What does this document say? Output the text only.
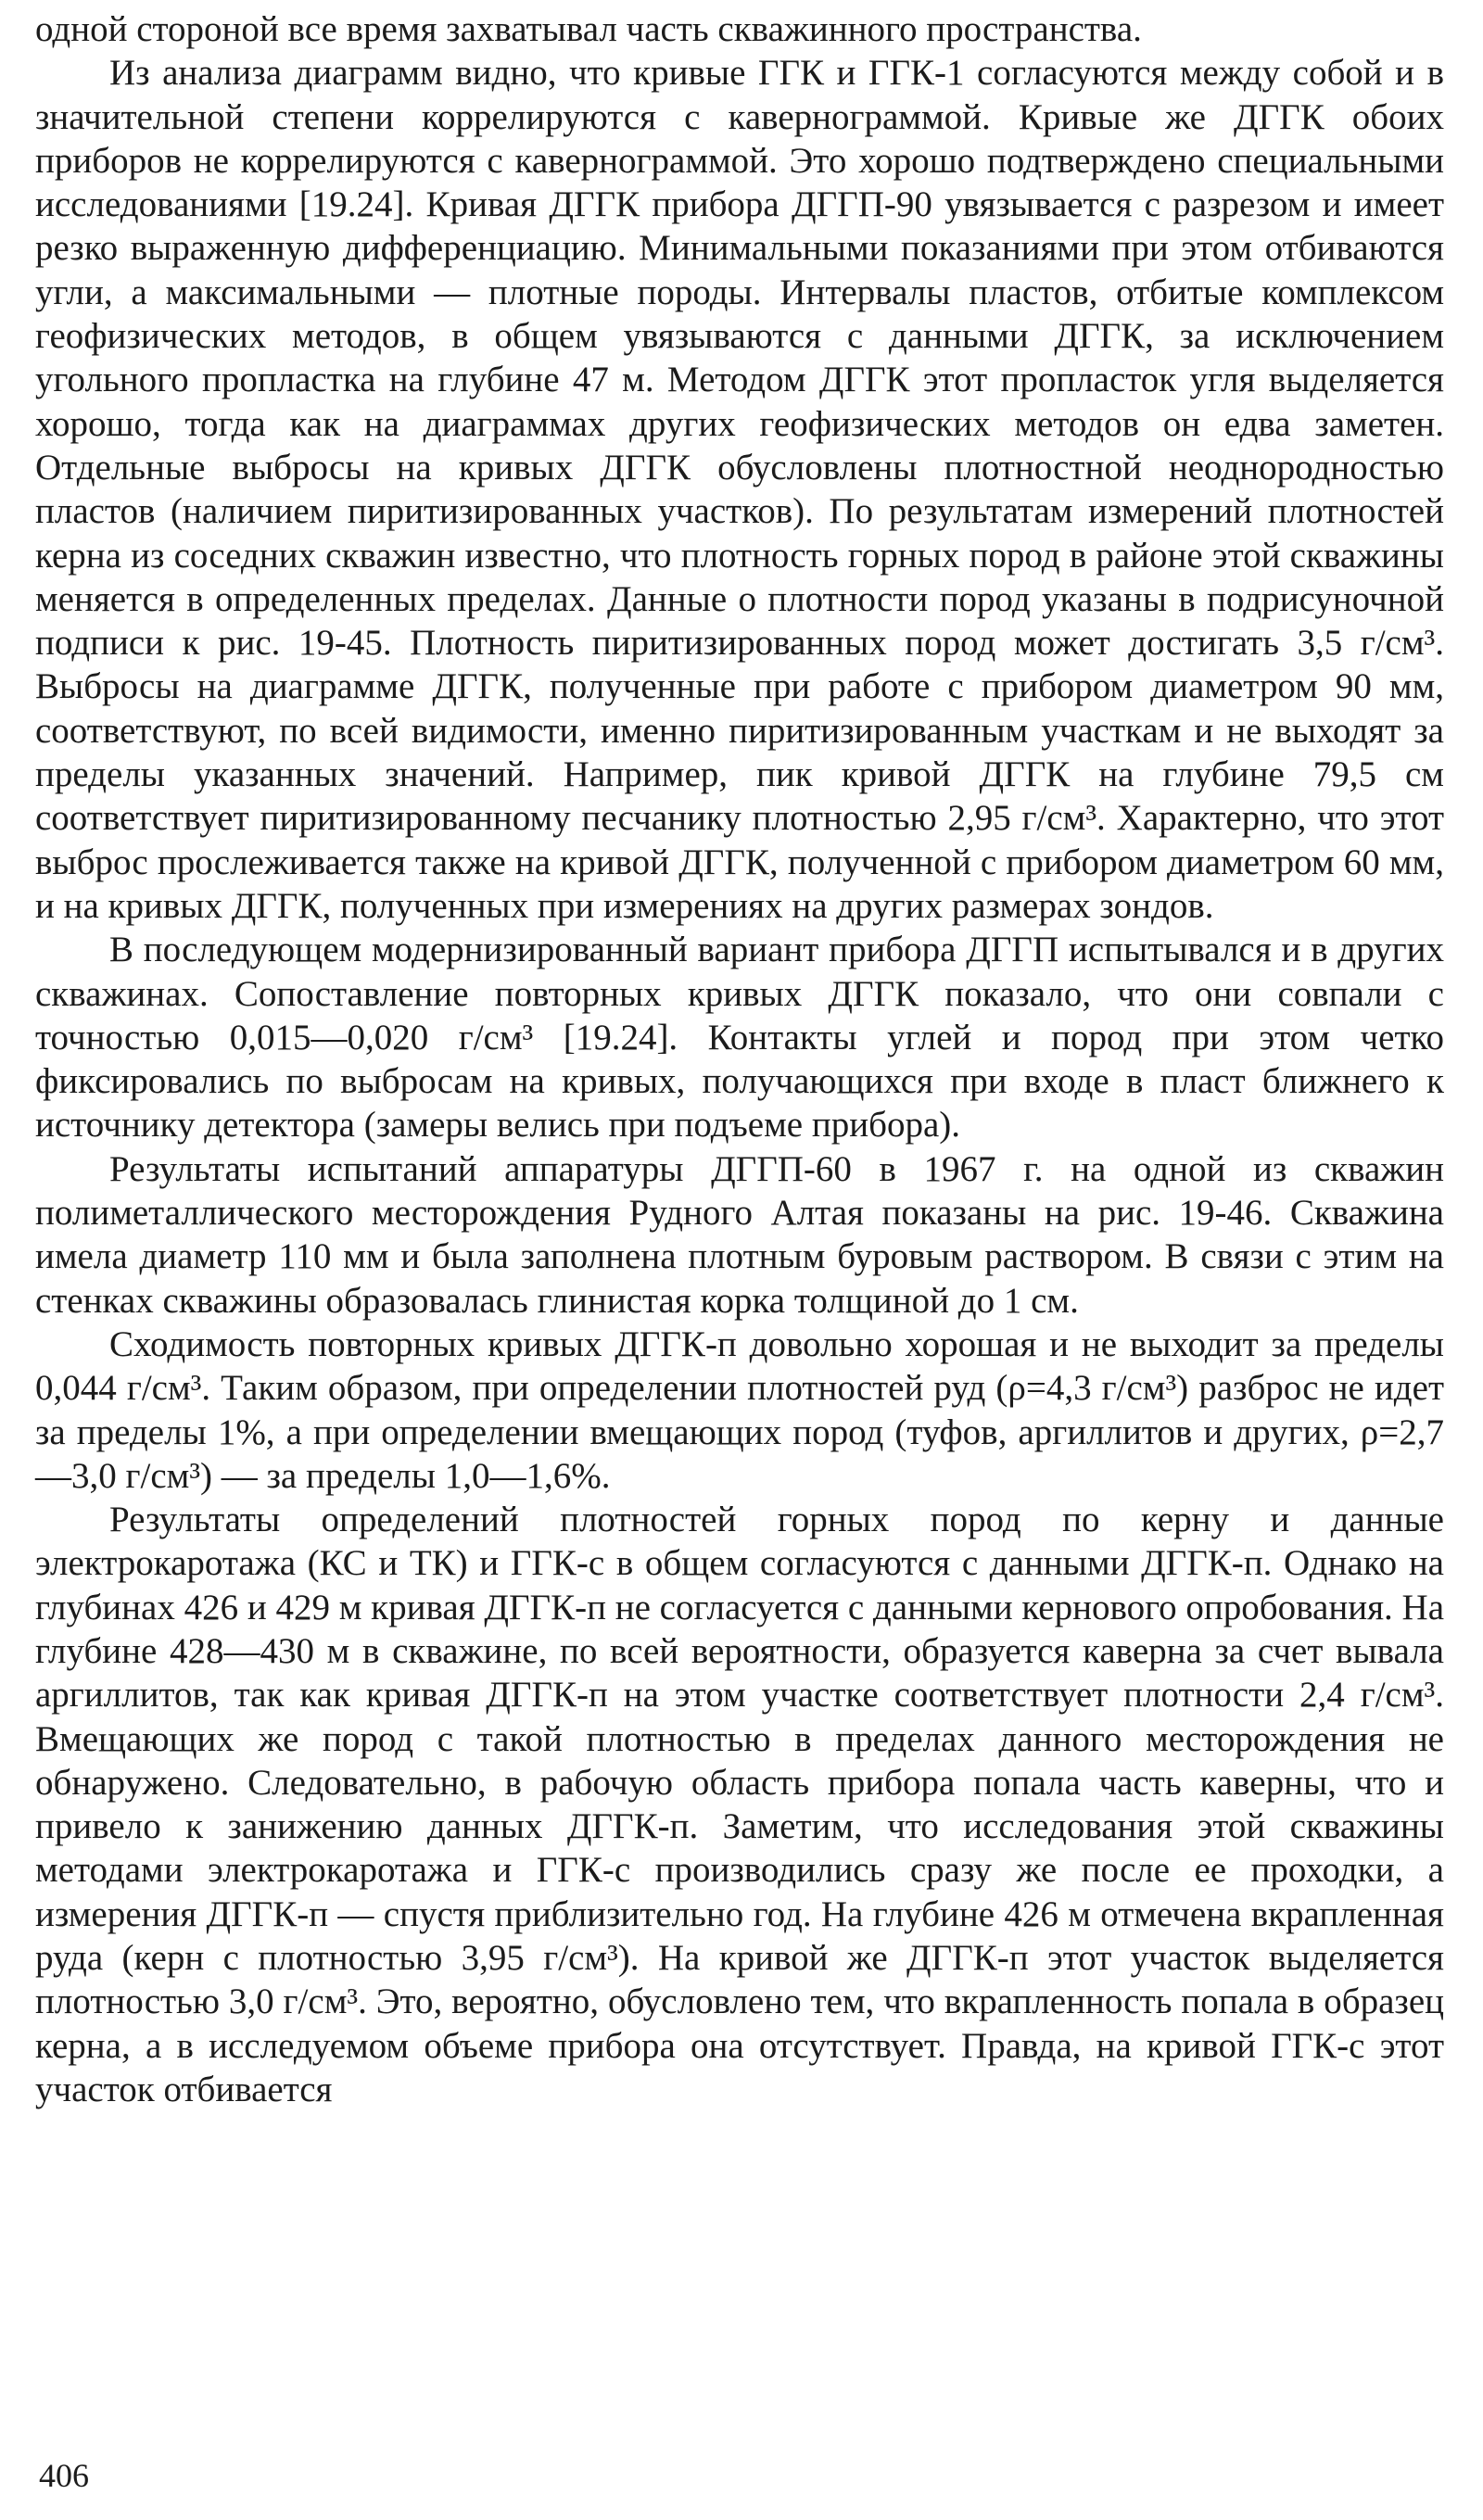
одной стороной все время захватывал часть скважинного пространства.

Из анализа диаграмм видно, что кривые ГГК и ГГК-1 согласуются между собой и в значительной степени коррелируются с кавернограммой. Кривые же ДГГК обоих приборов не коррелируются с кавернограммой. Это хорошо подтверждено специальными исследованиями [19.24]. Кривая ДГГК прибора ДГГП-90 увязывается с разрезом и имеет резко выраженную дифференциацию. Минимальными показаниями при этом отбиваются угли, а максимальными — плотные породы. Интервалы пластов, отбитые комплексом геофизических методов, в общем увязываются с данными ДГГК, за исключением угольного пропластка на глубине 47 м. Методом ДГГК этот пропласток угля выделяется хорошо, тогда как на диаграммах других геофизических методов он едва заметен. Отдельные выбросы на кривых ДГГК обусловлены плотностной неоднородностью пластов (наличием пиритизированных участков). По результатам измерений плотностей керна из соседних скважин известно, что плотность горных пород в районе этой скважины меняется в определенных пределах. Данные о плотности пород указаны в подрисуночной подписи к рис. 19-45. Плотность пиритизированных пород может достигать 3,5 г/см³. Выбросы на диаграмме ДГГК, полученные при работе с прибором диаметром 90 мм, соответствуют, по всей видимости, именно пиритизированным участкам и не выходят за пределы указанных значений. Например, пик кривой ДГГК на глубине 79,5 см соответствует пиритизированному песчанику плотностью 2,95 г/см³. Характерно, что этот выброс прослеживается также на кривой ДГГК, полученной с прибором диаметром 60 мм, и на кривых ДГГК, полученных при измерениях на других размерах зондов.

В последующем модернизированный вариант прибора ДГГП испытывался и в других скважинах. Сопоставление повторных кривых ДГГК показало, что они совпали с точностью 0,015—0,020 г/см³ [19.24]. Контакты углей и пород при этом четко фиксировались по выбросам на кривых, получающихся при входе в пласт ближнего к источнику детектора (замеры велись при подъеме прибора).

Результаты испытаний аппаратуры ДГГП-60 в 1967 г. на одной из скважин полиметаллического месторождения Рудного Алтая показаны на рис. 19-46. Скважина имела диаметр 110 мм и была заполнена плотным буровым раствором. В связи с этим на стенках скважины образовалась глинистая корка толщиной до 1 см.

Сходимость повторных кривых ДГГК-п довольно хорошая и не выходит за пределы 0,044 г/см³. Таким образом, при определении плотностей руд (ρ=4,3 г/см³) разброс не идет за пределы 1%, а при определении вмещающих пород (туфов, аргиллитов и других, ρ=2,7—3,0 г/см³) — за пределы 1,0—1,6%.

Результаты определений плотностей горных пород по керну и данные электрокаротажа (КС и ТК) и ГГК-с в общем согласуются с данными ДГГК-п. Однако на глубинах 426 и 429 м кривая ДГГК-п не согласуется с данными кернового опробования. На глубине 428—430 м в скважине, по всей вероятности, образуется каверна за счет вывала аргиллитов, так как кривая ДГГК-п на этом участке соответствует плотности 2,4 г/см³. Вмещающих же пород с такой плотностью в пределах данного месторождения не обнаружено. Следовательно, в рабочую область прибора попала часть каверны, что и привело к занижению данных ДГГК-п. Заметим, что исследования этой скважины методами электрокаротажа и ГГК-с производились сразу же после ее проходки, а измерения ДГГК-п — спустя приблизительно год. На глубине 426 м отмечена вкрапленная руда (керн с плотностью 3,95 г/см³). На кривой же ДГГК-п этот участок выделяется плотностью 3,0 г/см³. Это, вероятно, обусловлено тем, что вкрапленность попала в образец керна, а в исследуемом объеме прибора она отсутствует. Правда, на кривой ГГК-с этот участок отбивается

406
